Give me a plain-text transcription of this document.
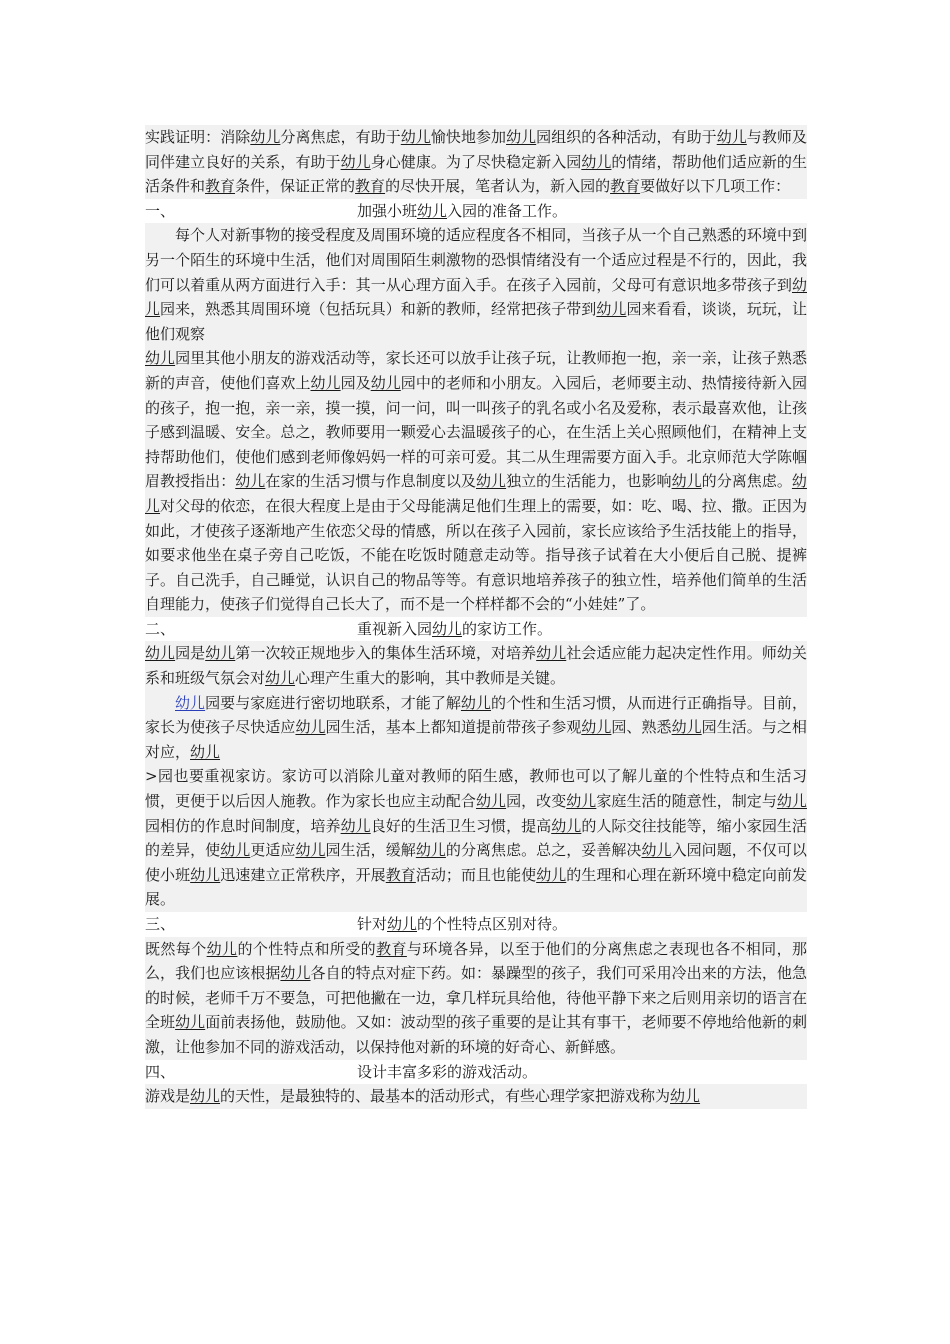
实践证明：消除幼儿分离焦虑，有助于幼儿愉快地参加幼儿园组织的各种活动，有助于幼儿与教师及同伴建立良好的关系，有助于幼儿身心健康。为了尽快稳定新入园幼儿的情绪，帮助他们适应新的生活条件和教育条件，保证正常的教育的尽快开展，笔者认为，新入园的教育要做好以下几项工作：

一、	加强小班幼儿入园的准备工作。

每个人对新事物的接受程度及周围环境的适应程度各不相同，当孩子从一个自己熟悉的环境中到另一个陌生的环境中生活，他们对周围陌生刺激物的恐惧情绪没有一个适应过程是不行的，因此，我们可以着重从两方面进行入手：其一从心理方面入手。在孩子入园前，父母可有意识地多带孩子到幼儿园来，熟悉其周围环境（包括玩具）和新的教师，经常把孩子带到幼儿园来看看，谈谈，玩玩，让他们观察

幼儿园里其他小朋友的游戏活动等，家长还可以放手让孩子玩，让教师抱一抱，亲一亲，让孩子熟悉新的声音，使他们喜欢上幼儿园及幼儿园中的老师和小朋友。入园后，老师要主动、热情接待新入园的孩子，抱一抱，亲一亲，摸一摸，问一问，叫一叫孩子的乳名或小名及爱称，表示最喜欢他，让孩子感到温暖、安全。总之，教师要用一颗爱心去温暖孩子的心，在生活上关心照顾他们，在精神上支持帮助他们，使他们感到老师像妈妈一样的可亲可爱。其二从生理需要方面入手。北京师范大学陈帼眉教授指出：幼儿在家的生活习惯与作息制度以及幼儿独立的生活能力，也影响幼儿的分离焦虑。幼儿对父母的依恋，在很大程度上是由于父母能满足他们生理上的需要，如：吃、喝、拉、撒。正因为如此，才使孩子逐渐地产生依恋父母的情感，所以在孩子入园前，家长应该给予生活技能上的指导，如要求他坐在桌子旁自己吃饭，不能在吃饭时随意走动等。指导孩子试着在大小便后自己脱、提裤子。自己洗手，自己睡觉，认识自己的物品等等。有意识地培养孩子的独立性，培养他们简单的生活自理能力，使孩子们觉得自己长大了，而不是一个样样都不会的“小娃娃”了。

二、	重视新入园幼儿的家访工作。

幼儿园是幼儿第一次较正规地步入的集体生活环境，对培养幼儿社会适应能力起决定性作用。师幼关系和班级气氛会对幼儿心理产生重大的影响，其中教师是关键。

幼儿园要与家庭进行密切地联系，才能了解幼儿的个性和生活习惯，从而进行正确指导。目前，家长为使孩子尽快适应幼儿园生活，基本上都知道提前带孩子参观幼儿园、熟悉幼儿园生活。与之相对应，幼儿

>园也要重视家访。家访可以消除儿童对教师的陌生感，教师也可以了解儿童的个性特点和生活习惯，更便于以后因人施教。作为家长也应主动配合幼儿园，改变幼儿家庭生活的随意性，制定与幼儿园相仿的作息时间制度，培养幼儿良好的生活卫生习惯，提高幼儿的人际交往技能等，缩小家园生活的差异，使幼儿更适应幼儿园生活，缓解幼儿的分离焦虑。总之，妥善解决幼儿入园问题，不仅可以使小班幼儿迅速建立正常秩序，开展教育活动；而且也能使幼儿的生理和心理在新环境中稳定向前发展。

三、	针对幼儿的个性特点区别对待。

既然每个幼儿的个性特点和所受的教育与环境各异，以至于他们的分离焦虑之表现也各不相同，那么，我们也应该根据幼儿各自的特点对症下药。如：暴躁型的孩子，我们可采用冷出来的方法，他急的时候，老师千万不要急，可把他撇在一边，拿几样玩具给他，待他平静下来之后则用亲切的语言在全班幼儿面前表扬他，鼓励他。又如：波动型的孩子重要的是让其有事干，老师要不停地给他新的刺激，让他参加不同的游戏活动，以保持他对新的环境的好奇心、新鲜感。

四、	设计丰富多彩的游戏活动。

游戏是幼儿的天性，是最独特的、最基本的活动形式，有些心理学家把游戏称为幼儿
